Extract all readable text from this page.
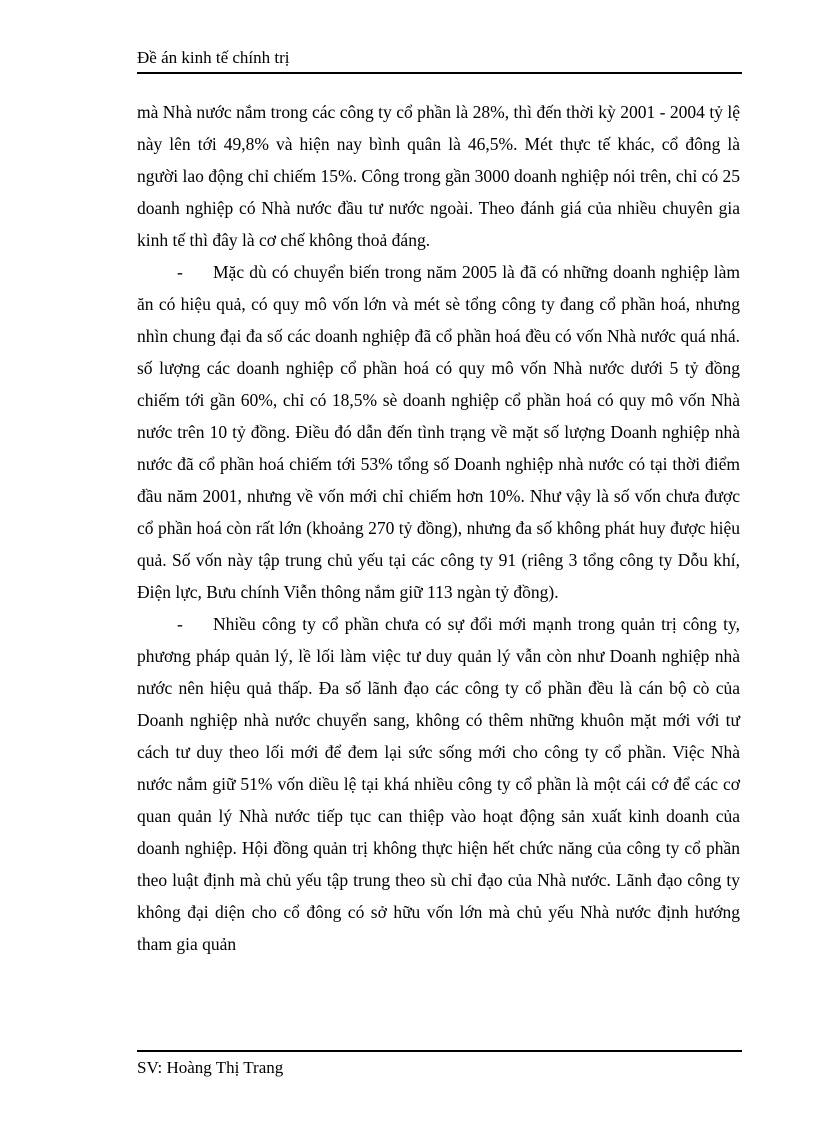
Đề án kinh tế chính trị

mà Nhà nước nắm trong các công ty cổ phần là 28%, thì đến thời kỳ 2001 - 2004 tỷ lệ này lên tới 49,8% và hiện nay bình quân là 46,5%. Mét thực tế khác, cổ đông là người lao động chỉ chiếm 15%. Công trong gần 3000 doanh nghiệp nói trên, chỉ có 25 doanh nghiệp có Nhà nước đầu tư nước ngoài. Theo đánh giá của nhiều chuyên gia kinh tế thì đây là cơ chế không thoả đáng.

- Mặc dù có chuyển biến trong năm 2005 là đã có những doanh nghiệp làm ăn có hiệu quả, có quy mô vốn lớn và mét sè tổng công ty đang cổ phần hoá, nhưng nhìn chung đại đa số các doanh nghiệp đã cổ phần hoá đều có vốn Nhà nước quá nhá. số lượng các doanh nghiệp cổ phần hoá có quy mô vốn Nhà nước dưới 5 tỷ đồng chiếm tới gần 60%, chỉ có 18,5% sè doanh nghiệp cổ phần hoá có quy mô vốn Nhà nước trên 10 tỷ đồng. Điều đó dẫn đến tình trạng về mặt số lượng Doanh nghiệp nhà nước đã cổ phần hoá chiếm tới 53% tổng số Doanh nghiệp nhà nước có tại thời điểm đầu năm 2001, nhưng về vốn mới chỉ chiếm hơn 10%. Như vậy là số vốn chưa được cổ phần hoá còn rất lớn (khoảng 270 tỷ đồng), nhưng đa số không phát huy được hiệu quả. Số vốn này tập trung chủ yếu tại các công ty 91 (riêng 3 tổng công ty Dỗu khí, Điện lực, Bưu chính Viễn thông nắm giữ 113 ngàn tỷ đồng).

- Nhiều công ty cổ phần chưa có sự đổi mới mạnh trong quản trị công ty, phương pháp quản lý, lề lối làm việc tư duy quản lý vẫn còn như Doanh nghiệp nhà nước nên hiệu quả thấp. Đa số lãnh đạo các công ty cổ phần đều là cán bộ cò của Doanh nghiệp nhà nước chuyển sang, không có thêm những khuôn mặt mới với tư cách tư duy theo lối mới để đem lại sức sống mới cho công ty cổ phần. Việc Nhà nước nắm giữ 51% vốn diều lệ tại khá nhiều công ty cổ phần là một cái cớ để các cơ quan quản lý Nhà nước tiếp tục can thiệp vào hoạt động sản xuất kinh doanh của doanh nghiệp. Hội đồng quản trị không thực hiện hết chức năng của công ty cổ phần theo luật định mà chủ yếu tập trung theo sù chỉ đạo của Nhà nước. Lãnh đạo công ty không đại diện cho cổ đông có sở hữu vốn lớn mà chủ yếu Nhà nước định hướng tham gia quản

SV: Hoàng Thị Trang
